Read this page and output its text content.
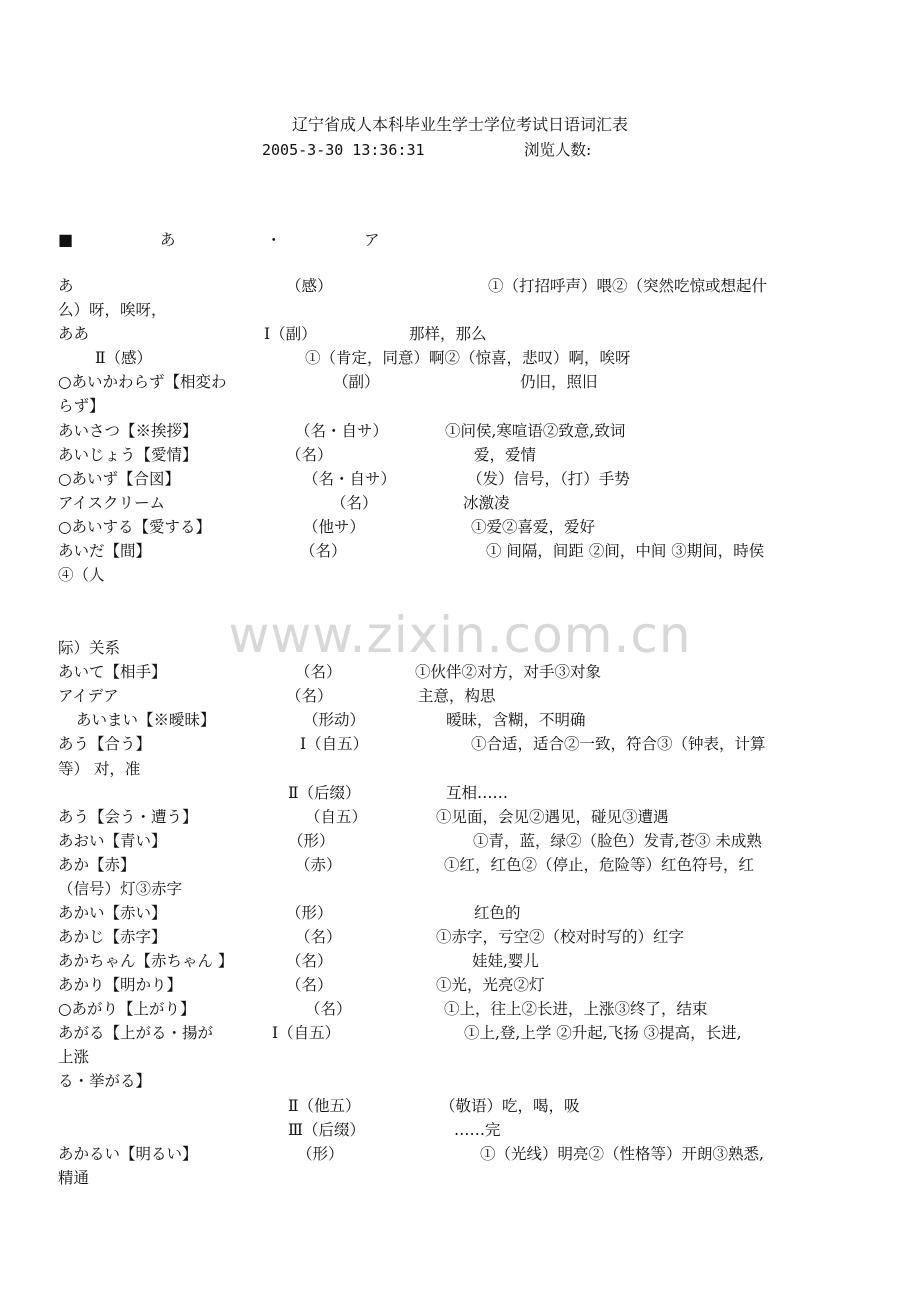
辽宁省成人本科毕业生学士学位考试日语词汇表
2005-3-30 13:36:31	浏览人数:
■	あ	・	ア
www.zixin.com.cn
あ	（感）	①（打招呼声）喂②（突然吃惊或想起什
么）呀，唉呀，
ああ	Ⅰ（副）	那样，那么
Ⅱ（感）	①（肯定，同意）啊②（惊喜，悲叹）啊，唉呀
○あいかわらず【相変わ	（副）	仍旧，照旧
らず】
あいさつ【※挨拶】	（名・自サ）	①问侯,寒喧语②致意,致词
あいじょう【愛情】	（名）	爱，爱情
○あいず【合図】	（名・自サ）	（发）信号，（打）手势
アイスクリーム	（名）	冰激凌
○あいする【愛する】	（他サ）	①爱②喜爱，爱好
あいだ【間】	（名）	① 间隔，间距 ②间，中间 ③期间，時侯
④（人
际）关系
あいて【相手】	（名）	①伙伴②对方，对手③对象
アイデア	（名）	主意，构思
あいまい【※曖昧】	（形动）	暧昧，含糊，不明确
あう【合う】	Ⅰ（自五）	①合适，适合②一致，符合③（钟表，计算
等） 对，准
Ⅱ（后缀）	互相……
あう【会う・遭う】	（自五）	①见面，会见②遇见，碰见③遭遇
あおい【青い】	（形）	①青，蓝，绿②（脸色）发青,苍③ 未成熟
あか【赤】	（赤）	①红，红色②（停止，危险等）红色符号，红
（信号）灯③赤字
あかい【赤い】	（形）	红色的
あかじ【赤字】	（名）	①赤字，亏空②（校对时写的）红字
あかちゃん【赤ちゃん 】	（名）	娃娃,婴儿
あかり【明かり】	（名）	①光，光亮②灯
○あがり【上がり】	（名）	①上，往上②长进，上涨③终了，结束
あがる【上がる・揚が	Ⅰ（自五）	①上,登,上学 ②升起,飞扬 ③提高，长进,
上涨
る・挙がる】
Ⅱ（他五）	（敬语）吃，喝，吸
Ⅲ（后缀）	……完
あかるい【明るい】	（形）	①（光线）明亮②（性格等）开朗③熟悉,
精通
